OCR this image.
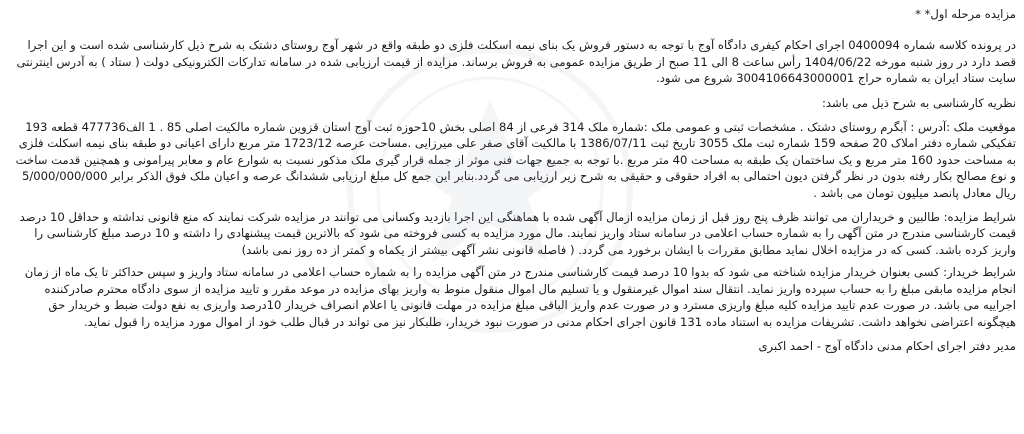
مزایده مرحله اول* *

در پرونده کلاسه شماره 0400094 اجرای احکام کیفری دادگاه آوج با توجه به دستور فروش یک بنای نیمه اسکلت فلزی دو طبقه واقع در شهر آوج روستای دشتک به شرح ذیل کارشناسی شده است و این اجرا قصد دارد در روز شنبه مورخه 1404/06/22 رأس ساعت 8 الی 11 صبح از طریق مزایده عمومی به فروش برساند. مزایده از قیمت ارزیابی شده در سامانه تدارکات الکترونیکی دولت ( ستاد ) به آدرس اینترنتی سایت ستاد ایران به شماره حراج 3004106643000001 شروع می شود.

نظریه کارشناسی به شرح ذیل می باشد:

موقعیت ملک :آدرس : آبگرم روستای دشتک . مشخصات ثبتی و عمومی ملک :شماره ملک 314 فرعی از 84 اصلی بخش 10حوزه ثبت آوج استان قزوین شماره مالکیت اصلی 85 . 1 الف477736 قطعه 193 تفکیکی شماره دفتر املاک 20 صفحه 159 شماره ثبت ملک 3055 تاریخ ثبت 1386/07/11 با مالکیت آقای صفر علی میرزایی .مساحت عرصه 1723/12 متر مربع دارای اعیانی دو طبقه بنای نیمه اسکلت فلزی به مساحت حدود 160 متر مربع و یک ساختمان یک طبقه به مساحت 40 متر مربع .با توجه به جمیع جهات فنی موثر از جمله قرار گیری ملک مذکور نسبت به شوارع عام و معابر پیرامونی و همچنین قدمت ساخت و نوع مصالح بکار رفته بدون در نظر گرفتن دیون احتمالی به افراد حقوقی و حقیقی به شرح زیر ارزیابی می گردد.بنابر این جمع کل مبلغ ارزیابی ششدانگ عرصه و اعیان ملک فوق الذکر برابر 5/000/000/000 ریال معادل پانصد میلیون تومان می باشد .

شرایط مزایده: طالبین و خریداران می توانند ظرف پنج روز قبل از زمان مزایده ازمال آگهی شده با هماهنگی این اجرا بازدید وکسانی می توانند در مزایده شرکت نمایند که منع قانونی نداشته و حداقل 10 درصد قیمت کارشناسی مندرج در متن آگهی را به شماره حساب اعلامی در سامانه ستاد واریز نمایند. مال مورد مزایده به کسی فروخته می شود که بالاترین قیمت پیشنهادی را داشته و 10 درصد مبلغ کارشناسی را واریز کرده باشد. کسی که در مزایده اخلال نماید مطابق مقررات با ایشان برخورد می گردد. ( فاصله قانونی نشر آگهی بیشتر از یکماه و کمتر از ده روز نمی باشد)

شرایط خریدار: کسی بعنوان خریدار مزایده شناخته می شود که بدوا 10 درصد قیمت کارشناسی مندرج در متن آگهی مزایده را به شماره حساب اعلامی در سامانه ستاد واریز و سپس حداکثر تا یک ماه از زمان انجام مزایده مابقی مبلغ را به حساب سپرده واریز نماید. انتقال سند اموال غیرمنقول و یا تسلیم مال اموال منقول منوط به واریز بهای مزایده در موعد مقرر و تایید مزایده از سوی دادگاه محترم صادرکننده اجراییه می باشد. در صورت عدم تایید مزایده کلیه مبلغ واریزی مسترد و در صورت عدم واریز الباقی مبلغ مزایده در مهلت قانونی یا اعلام انصراف خریدار 10درصد واریزی به نفع دولت ضبط و خریدار حق هیچگونه اعتراضی نخواهد داشت. تشریفات مزایده به استناد ماده 131 قانون اجرای احکام مدنی در صورت نبود خریدار، طلبکار نیز می تواند در قبال طلب خود از اموال مورد مزایده را قبول نماید.

مدیر دفتر اجرای احکام مدنی دادگاه آوج - احمد اکبری
